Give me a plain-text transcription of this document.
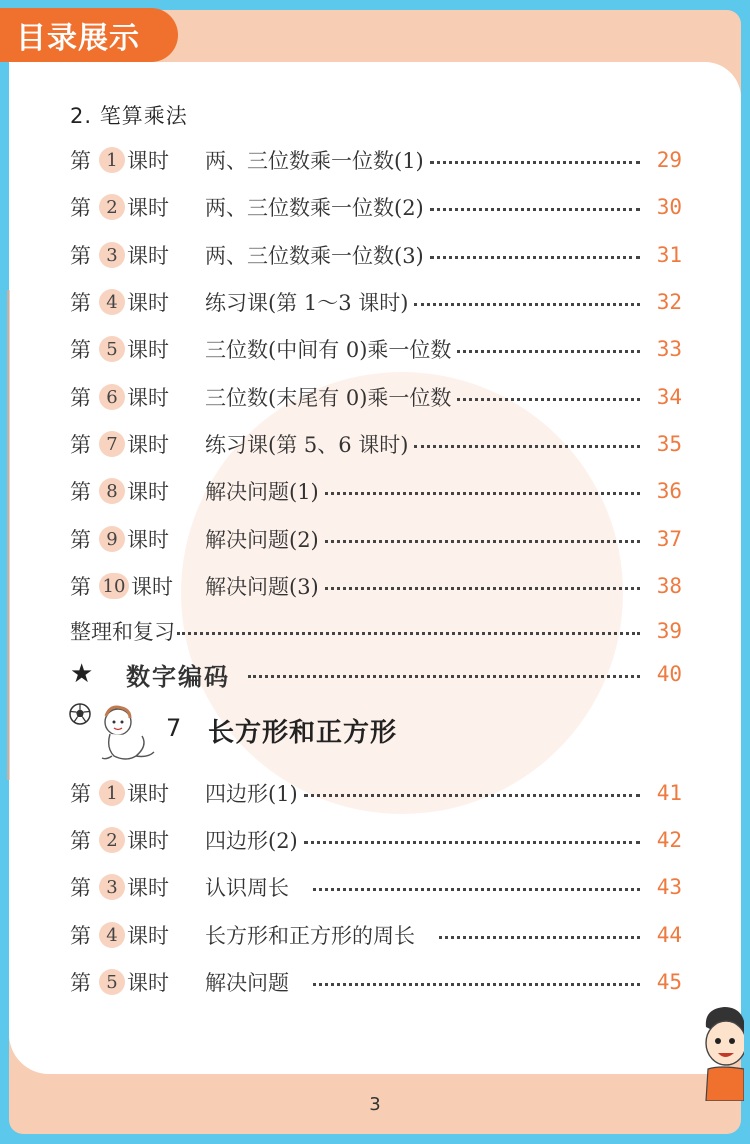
目录展示
2. 笔算乘法
第 1 课时	两、三位数乘一位数(1)	29
第 2 课时	两、三位数乘一位数(2)	30
第 3 课时	两、三位数乘一位数(3)	31
第 4 课时	练习课(第 1～3 课时)	32
第 5 课时	三位数(中间有 0)乘一位数	33
第 6 课时	三位数(末尾有 0)乘一位数	34
第 7 课时	练习课(第 5、6 课时)	35
第 8 课时	解决问题(1)	36
第 9 课时	解决问题(2)	37
第 10 课时	解决问题(3)	38
整理和复习	39
★	数字编码	40
7 长方形和正方形
第 1 课时	四边形(1)	41
第 2 课时	四边形(2)	42
第 3 课时	认识周长	43
第 4 课时	长方形和正方形的周长	44
第 5 课时	解决问题	45
3
